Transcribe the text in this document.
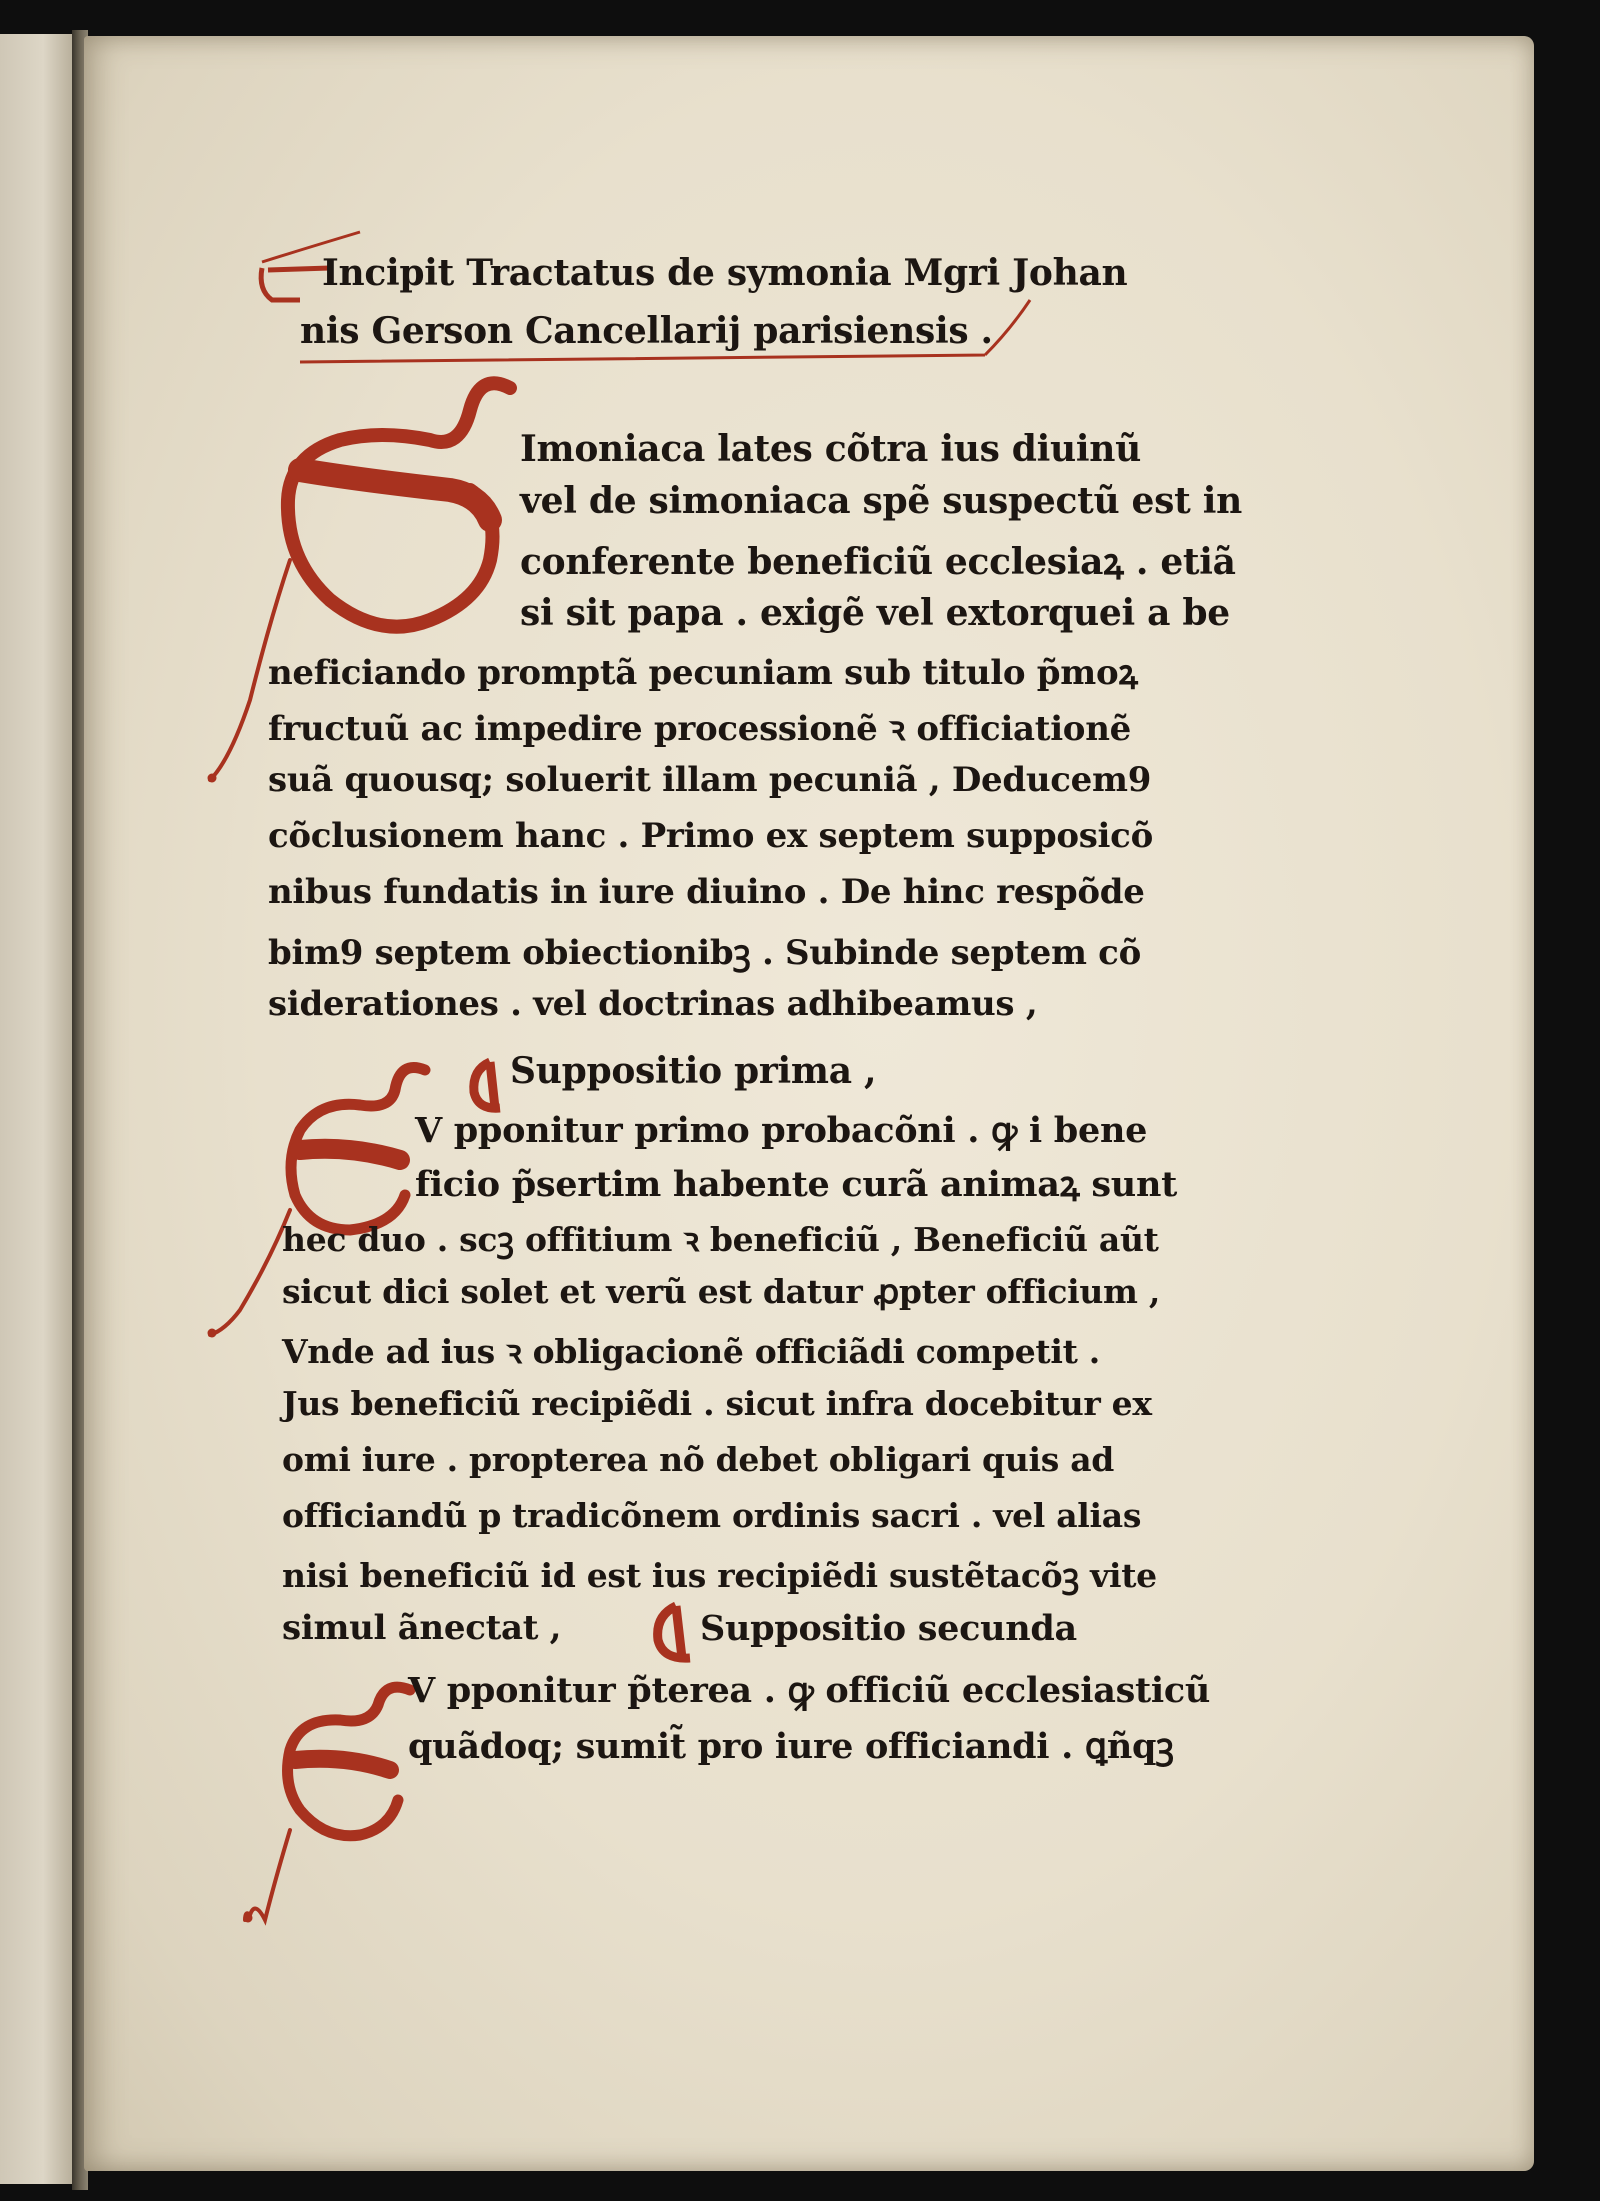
Incipit Tractatus de symonia Mgri Johan
nis Gerson Cancellarij parisiensis .
Imoniaca lates cõtra ius diuinũ
vel de simoniaca spẽ suspectũ est in
conferente beneficiũ ecclesiaꝝ . etiã
si sit papa . exigẽ vel extorquei a be
neficiando promptã pecuniam sub titulo p̃moꝝ
fructuũ ac impedire processionẽ ꝛ officiationẽ
suã quousq; soluerit illam pecuniã , Deducem9
cõclusionem hanc . Primo ex septem supposicõ
nibus fundatis in iure diuino . De hinc respõde
bim9 septem obiectionibꝫ . Subinde septem cõ
siderationes . vel doctrinas adhibeamus ,
Suppositio prima ,
V pponitur primo probacõni . ꝙ i bene
ficio p̃sertim habente curã animaꝝ sunt
hec duo . scꝫ offitium ꝛ beneficiũ , Beneficiũ aũt
sicut dici solet et verũ est datur ꝓpter officium ,
Vnde ad ius ꝛ obligacionẽ officiãdi competit .
Jus beneficiũ recipiẽdi . sicut infra docebitur ex
omi iure . propterea nõ debet obligari quis ad
officiandũ p tradicõnem ordinis sacri . vel alias
nisi beneficiũ id est ius recipiẽdi sustẽtacõꝫ vite
simul ãnectat ,	Suppositio secunda
V pponitur p̃terea . ꝙ officiũ ecclesiasticũ
quãdoq; sumit̃ pro iure officiandi . ꝗñqꝫ
